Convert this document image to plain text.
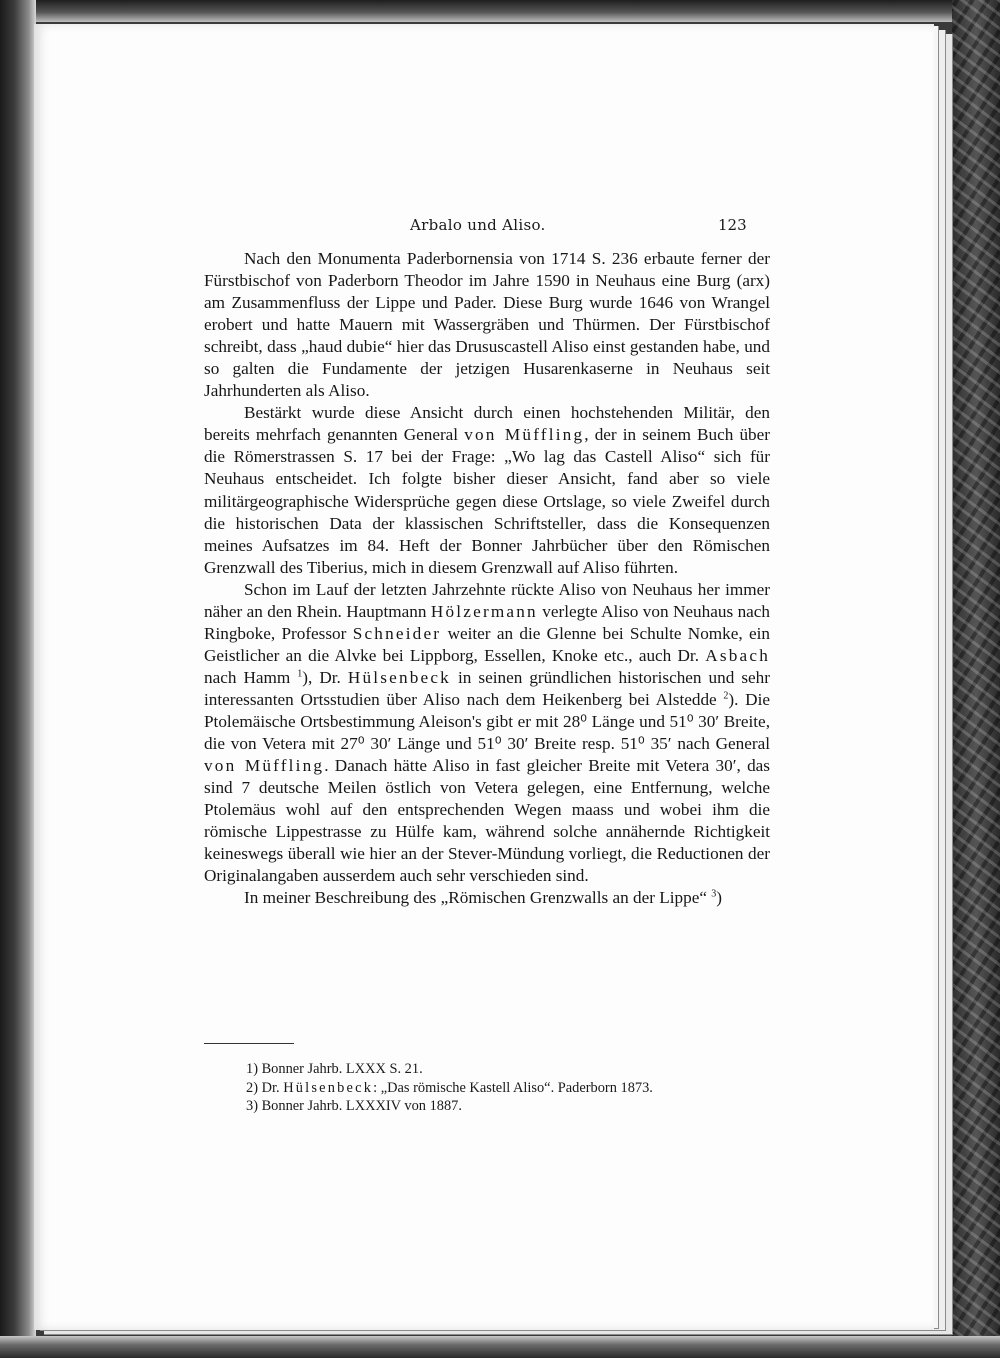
Arbalo und Aliso.	123

Nach den Monumenta Paderbornensia von 1714 S. 236 erbaute ferner der Fürstbischof von Paderborn Theodor im Jahre 1590 in Neuhaus eine Burg (arx) am Zusammenfluss der Lippe und Pader. Diese Burg wurde 1646 von Wrangel erobert und hatte Mauern mit Wassergräben und Thürmen. Der Fürstbischof schreibt, dass „haud dubie“ hier das Drususcastell Aliso einst gestanden habe, und so galten die Fundamente der jetzigen Husarenkaserne in Neuhaus seit Jahrhunderten als Aliso.

Bestärkt wurde diese Ansicht durch einen hochstehenden Militär, den bereits mehrfach genannten General von Müffling, der in seinem Buch über die Römerstrassen S. 17 bei der Frage: „Wo lag das Castell Aliso“ sich für Neuhaus entscheidet. Ich folgte bisher dieser Ansicht, fand aber so viele militärgeographische Widersprüche gegen diese Ortslage, so viele Zweifel durch die historischen Data der klassischen Schriftsteller, dass die Konsequenzen meines Aufsatzes im 84. Heft der Bonner Jahrbücher über den Römischen Grenzwall des Tiberius, mich in diesem Grenzwall auf Aliso führten.

Schon im Lauf der letzten Jahrzehnte rückte Aliso von Neuhaus her immer näher an den Rhein. Hauptmann Hölzermann verlegte Aliso von Neuhaus nach Ringboke, Professor Schneider weiter an die Glenne bei Schulte Nomke, ein Geistlicher an die Alvke bei Lippborg, Essellen, Knoke etc., auch Dr. Asbach nach Hamm $^1$), Dr. Hülsenbeck in seinen gründlichen historischen und sehr interessanten Ortsstudien über Aliso nach dem Heikenberg bei Alstedde $^2$). Die Ptolemäische Ortsbestimmung Aleison's gibt er mit 28⁰ Länge und 51⁰ 30′ Breite, die von Vetera mit 27⁰ 30′ Länge und 51⁰ 30′ Breite resp. 51⁰ 35′ nach General von Müffling. Danach hätte Aliso in fast gleicher Breite mit Vetera 30′, das sind 7 deutsche Meilen östlich von Vetera gelegen, eine Entfernung, welche Ptolemäus wohl auf den entsprechenden Wegen maass und wobei ihm die römische Lippestrasse zu Hülfe kam, während solche annähernde Richtigkeit keineswegs überall wie hier an der Stever-Mündung vorliegt, die Reductionen der Originalangaben ausserdem auch sehr verschieden sind.

In meiner Beschreibung des „Römischen Grenzwalls an der Lippe“ $^3$)

1) Bonner Jahrb. LXXX S. 21.
2) Dr. Hülsenbeck: „Das römische Kastell Aliso“. Paderborn 1873.
3) Bonner Jahrb. LXXXIV von 1887.
